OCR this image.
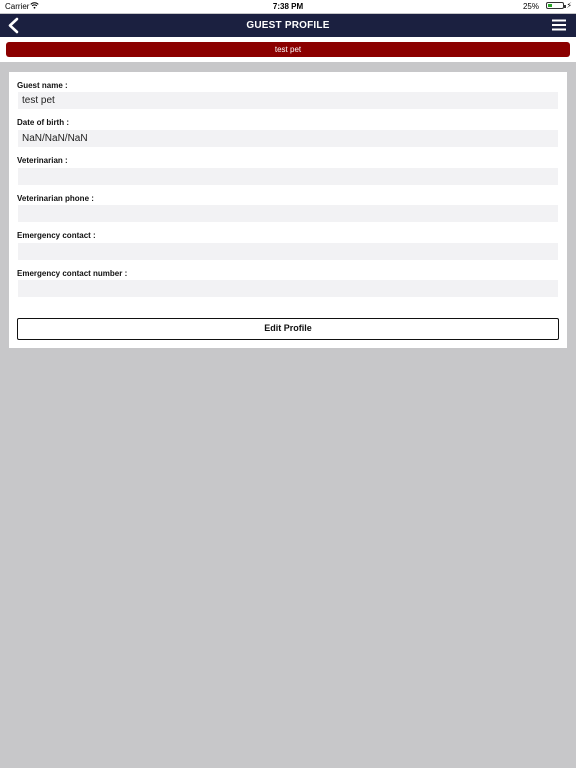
Carrier	7:38 PM	25%	⚡
GUEST PROFILE
test pet
Guest name :
test pet
Date of birth :
NaN/NaN/NaN
Veterinarian :
Veterinarian phone :
Emergency contact :
Emergency contact number :
Edit Profile
